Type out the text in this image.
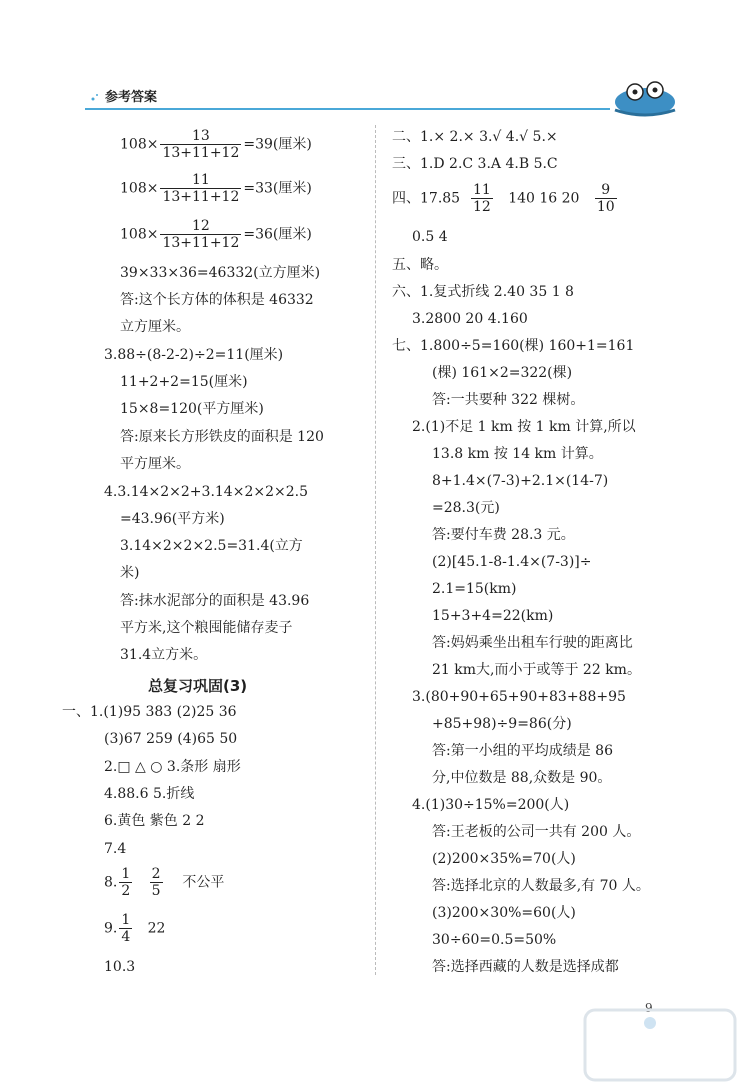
参考答案
$108\times \frac{13}{13+11+12} =39$(厘米)
$108\times \frac{11}{13+11+12} =33$(厘米)
$108\times \frac{12}{13+11+12} =36$(厘米)
39×33×36=46332(立方厘米)
答:这个长方体的体积是 46332
立方厘米。
3.88÷(8-2-2)÷2=11(厘米)
11+2+2=15(厘米)
15×8=120(平方厘米)
答:原来长方形铁皮的面积是 120
平方厘米。
4.3.14×2×2+3.14×2×2×2.5
=43.96(平方米)
3.14×2×2×2.5=31.4(立方
米)
答:抹水泥部分的面积是 43.96
平方米,这个粮囤能储存麦子
31.4立方米。
总复习巩固(3)
一、1.(1)95 383 (2)25 36
(3)67 259 (4)65 50
2.□ △ ○ 3.条形 扇形
4.88.6 5.折线
6.黄色 紫色 2 2
7.4
8. $\frac{1}{2}$
$\frac{2}{5}$ 不公平
9. $\frac{1}{4} 22$
10.3
二、1.× 2.× 3.√ 4.√ 5.×
三、1.D 2.C 3.A 4.B 5.C
四、$17.85 \frac{11}{12} 140$ 16 $20 \frac{9}{10}$
0.5 4
五、略。
六、1.复式折线 2.40 35 1 8
3.2800 20 4.160
七、1.800÷5=160(棵) 160+1=161
(棵) 161×2=322(棵)
答:一共要种 322 棵树。
2.(1)不足 1 km 按 1 km 计算,所以
13.8 km 按 14 km 计算。
8+1.4×(7-3)+2.1×(14-7)
=28.3(元)
答:要付车费 28.3 元。
(2)[45.1-8-1.4×(7-3)]÷
2.1=15(km)
15+3+4=22(km)
答:妈妈乘坐出租车行驶的距离比
21 km大,而小于或等于 22 km。
3.(80+90+65+90+83+88+95
+85+98)÷9=86(分)
答:第一小组的平均成绩是 86
分,中位数是 88,众数是 90。
4.(1)30÷15%=200(人)
答:王老板的公司一共有 200 人。
(2)200×35%=70(人)
答:选择北京的人数最多,有 70 人。
(3)200×30%=60(人)
30÷60=0.5=50%
答:选择西藏的人数是选择成都
9
